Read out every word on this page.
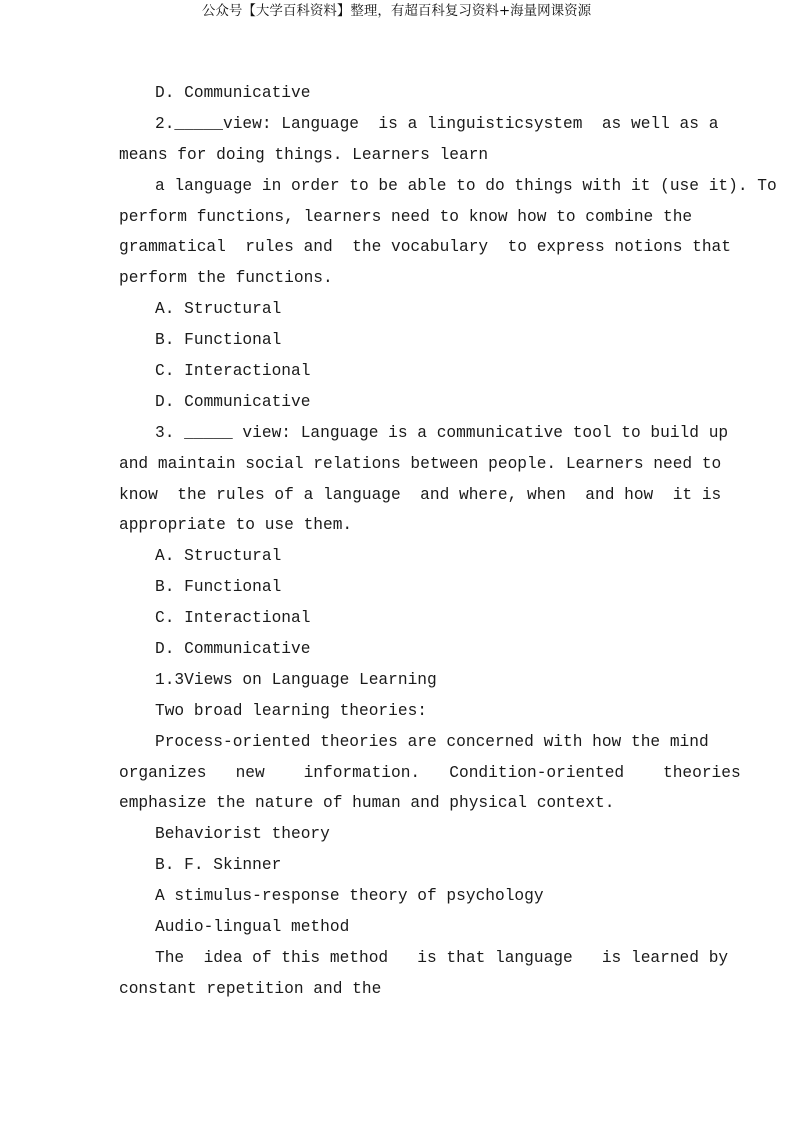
公众号【大学百科资料】整理，有超百科复习资料+海量网课资源
D. Communicative
2._____view: Language  is a linguisticsystem  as well as a
means for doing things. Learners learn
a language in order to be able to do things with it (use it). To
perform functions, learners need to know how to combine the
grammatical  rules and  the vocabulary  to express notions that
perform the functions.
A. Structural
B. Functional
C. Interactional
D. Communicative
3. _____ view: Language is a communicative tool to build up
and maintain social relations between people. Learners need to
know  the rules of a language  and where, when  and how  it is
appropriate to use them.
A. Structural
B. Functional
C. Interactional
D. Communicative
1.3Views on Language Learning
Two broad learning theories:
Process-oriented theories are concerned with how the mind
organizes   new    information.   Condition-oriented    theories
emphasize the nature of human and physical context.
Behaviorist theory
B. F. Skinner
A stimulus-response theory of psychology
Audio-lingual method
The  idea of this method   is that language   is learned by
constant repetition and the
